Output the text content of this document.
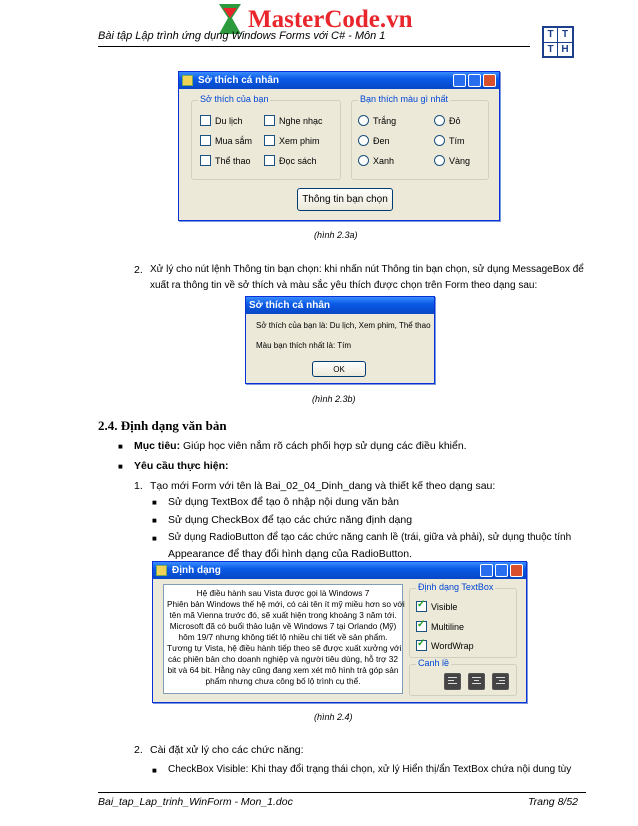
MasterCode.vn
Bài tập Lập trình ứng dụng Windows Forms với C# - Môn 1	T T
T H
Sở thích cá nhân
Sở thích của bạn
Du lịch	Nghe nhạc
Mua sắm	Xem phim
Thể thao	Đọc sách
Bạn thích màu gì nhất
Trắng	Đỏ
Đen	Tím
Xanh	Vàng
Thông tin bạn chọn
(hình 2.3a)
2. Xử lý cho nút lệnh Thông tin bạn chọn: khi nhấn nút Thông tin bạn chọn, sử dụng MessageBox để
xuất ra thông tin về sở thích và màu sắc yêu thích được chọn trên Form theo dạng sau:
Sở thích cá nhân
Sở thích của bạn là: Du lịch, Xem phim, Thể thao
Màu bạn thích nhất là: Tím
OK
(hình 2.3b)
2.4. Định dạng văn bản
■ Mục tiêu: Giúp học viên nắm rõ cách phối hợp sử dụng các điều khiển.
■ Yêu cầu thực hiện:
1. Tạo mới Form với tên là Bai_02_04_Dinh_dang và thiết kế theo dạng sau:
■ Sử dụng TextBox để tạo ô nhập nội dung văn bản
■ Sử dụng CheckBox để tạo các chức năng định dạng
■ Sử dụng RadioButton để tạo các chức năng canh lề (trái, giữa và phải), sử dụng thuộc tính
Appearance để thay đổi hình dạng của RadioButton.
Định dạng
Hệ điều hành sau Vista được gọi là Windows 7
Phiên bản Windows thế hệ mới, có cái tên ít mỹ miều hơn so với
tên mã Vienna trước đó, sẽ xuất hiện trong khoảng 3 năm tới.
Microsoft đã có buổi thảo luận về Windows 7 tại Orlando (Mỹ)
hôm 19/7 nhưng không tiết lộ nhiều chi tiết về sản phẩm.
Tương tự Vista, hệ điều hành tiếp theo sẽ được xuất xưởng với
các phiên bản cho doanh nghiệp và người tiêu dùng, hỗ trợ 32
bit và 64 bit. Hằng này cũng đang xem xét mô hình trả góp sản
phẩm nhưng chưa công bố lộ trình cụ thể.
Định dạng TextBox
✓
Visible
✓
Multiline
✓
WordWrap
Canh lề
(hình 2.4)
2. Cài đặt xử lý cho các chức năng:
■ CheckBox Visible: Khi thay đổi trạng thái chọn, xử lý Hiển thị/ẩn TextBox chứa nội dung tùy
Bai_tap_Lap_trinh_WinForm - Mon_1.doc	Trang 8/52
